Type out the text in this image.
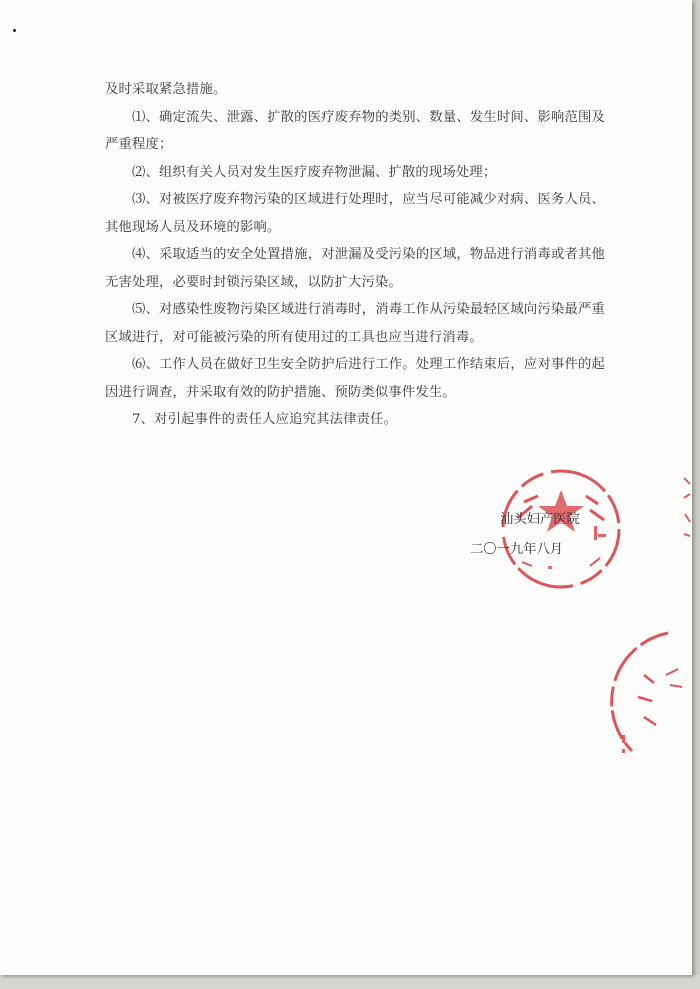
及时采取紧急措施。

⑴、确定流失、泄露、扩散的医疗废弃物的类别、数量、发生时间、影响范围及严重程度；

⑵、组织有关人员对发生医疗废弃物泄漏、扩散的现场处理；

⑶、对被医疗废弃物污染的区域进行处理时，应当尽可能减少对病、医务人员、其他现场人员及环境的影响。

⑷、采取适当的安全处置措施，对泄漏及受污染的区域，物品进行消毒或者其他无害处理，必要时封锁污染区域，以防扩大污染。

⑸、对感染性废物污染区域进行消毒时，消毒工作从污染最轻区域向污染最严重区域进行，对可能被污染的所有使用过的工具也应当进行消毒。

⑹、工作人员在做好卫生安全防护后进行工作。处理工作结束后，应对事件的起因进行调查，并采取有效的防护措施、预防类似事件发生。

7、对引起事件的责任人应追究其法律责任。

汕头妇产医院
二〇一九年八月
